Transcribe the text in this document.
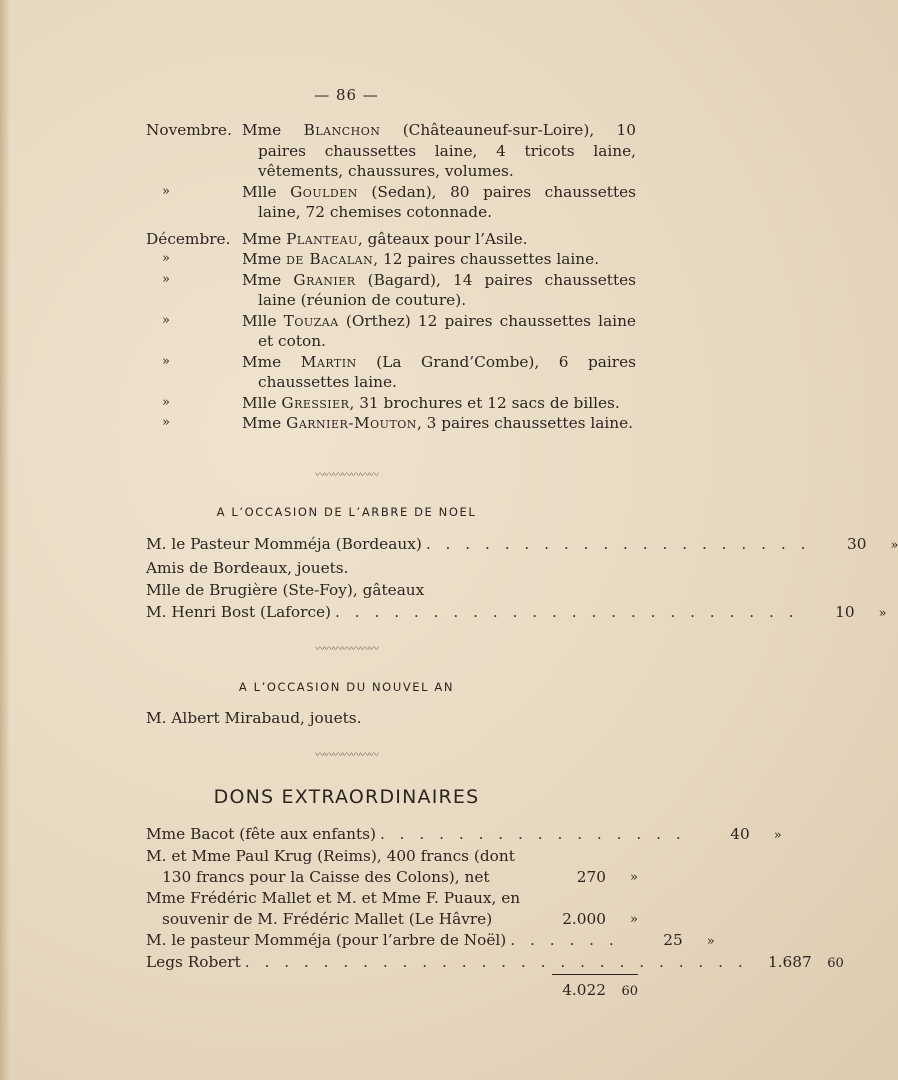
— 86 —
Novembre. Mme Blanchon (Châteauneuf-sur-Loire), 10 paires chaussettes laine, 4 tricots laine, vêtements, chaussures, volumes.
»	Mlle Goulden (Sedan), 80 paires chaussettes laine, 72 chemises cotonnade.
Décembre. Mme Planteau, gâteaux pour l’Asile.
»	Mme de Bacalan, 12 paires chaussettes laine.
»	Mme Granier (Bagard), 14 paires chaussettes laine (réunion de couture).
»	Mlle Touzaa (Orthez) 12 paires chaussettes laine et coton.
»	Mme Martin (La Grand’Combe), 6 paires chaussettes laine.
»	Mlle Gressier, 31 brochures et 12 sacs de billes.
»	Mme Garnier-Mouton, 3 paires chaussettes laine.
〰〰〰〰〰〰〰
A L’OCCASION DE L’ARBRE DE NOEL
M. le Pasteur Momméja (Bordeaux) . . . . . . . . . . . . . . . . . . . .	30	»
Amis de Bordeaux, jouets.
Mlle de Brugière (Ste-Foy), gâteaux
M. Henri Bost (Laforce) . . . . . . . . . . . . . . . . . . . . . . . .	10	»
〰〰〰〰〰〰〰
A L’OCCASION DU NOUVEL AN
M. Albert Mirabaud, jouets.
〰〰〰〰〰〰〰
DONS EXTRAORDINAIRES
Mme Bacot (fête aux enfants) . . . . . . . . . . . . . . . .	40	»
M. et Mme Paul Krug (Reims), 400 francs (dont 130 francs pour la Caisse des Colons), net	270	»
Mme Frédéric Mallet et M. et Mme F. Puaux, en souvenir de M. Frédéric Mallet (Le Hâvre)	2.000	»
M. le pasteur Momméja (pour l’arbre de Noël) . . . . . .	25	»
Legs Robert . . . . . . . . . . . . . . . . . . . . . . . . . .	1.687	60
4.022	60
